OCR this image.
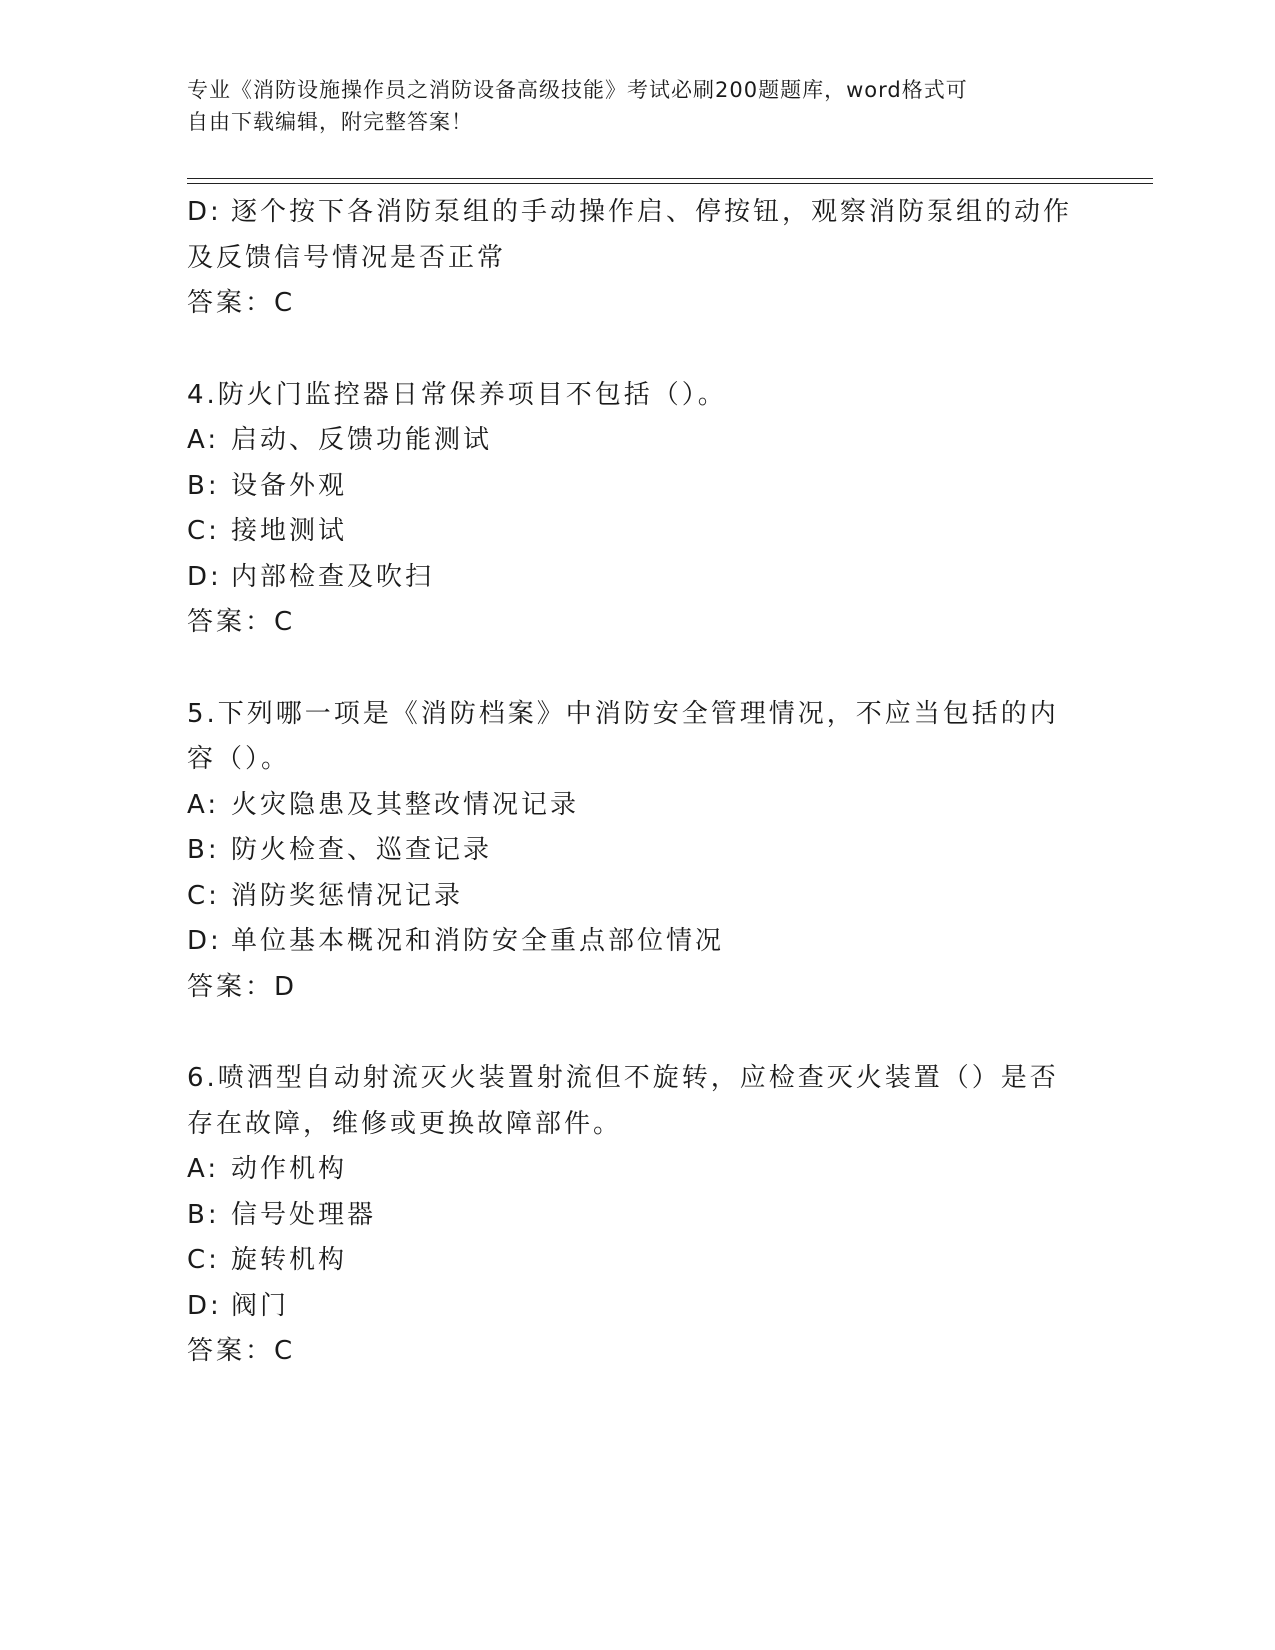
专业《消防设施操作员之消防设备高级技能》考试必刷200题题库，word格式可
自由下载编辑，附完整答案！
D: 逐个按下各消防泵组的手动操作启、停按钮，观察消防泵组的动作
及反馈信号情况是否正常
答案：C
4.防火门监控器日常保养项目不包括（）。
A: 启动、反馈功能测试
B: 设备外观
C: 接地测试
D: 内部检查及吹扫
答案：C
5.下列哪一项是《消防档案》中消防安全管理情况，不应当包括的内
容（）。
A: 火灾隐患及其整改情况记录
B: 防火检查、巡查记录
C: 消防奖惩情况记录
D: 单位基本概况和消防安全重点部位情况
答案：D
6.喷洒型自动射流灭火装置射流但不旋转，应检查灭火装置（）是否
存在故障，维修或更换故障部件。
A: 动作机构
B: 信号处理器
C: 旋转机构
D: 阀门
答案：C
